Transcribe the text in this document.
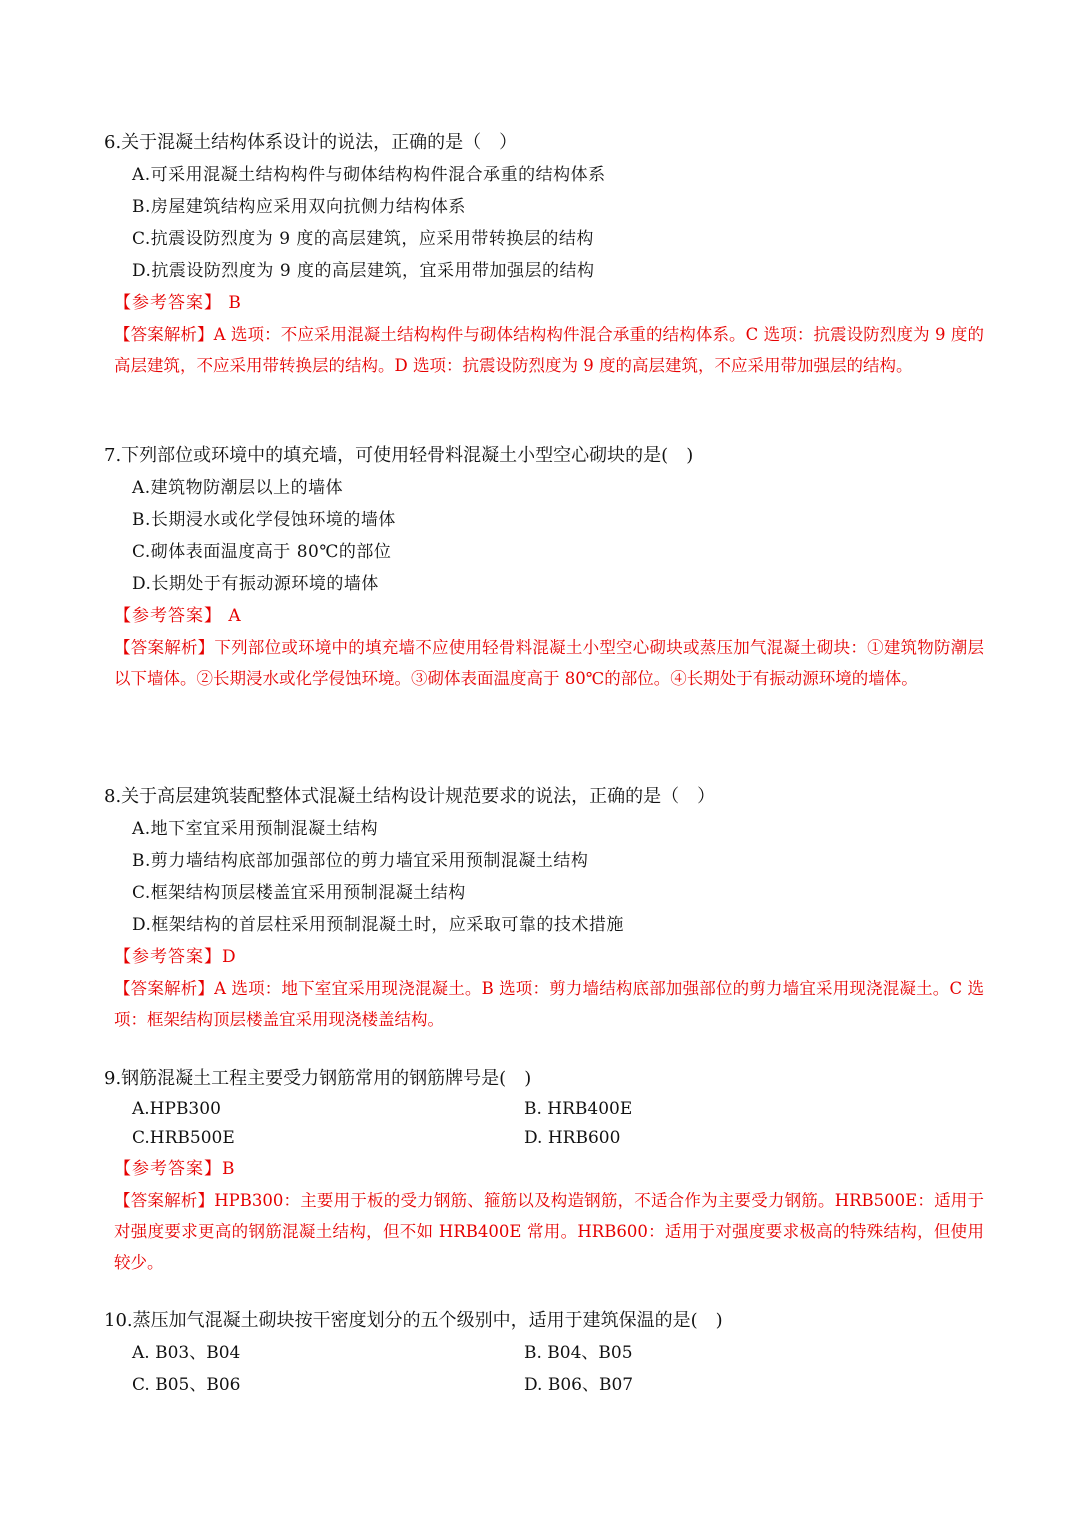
6.关于混凝土结构体系设计的说法，正确的是（　）
A.可采用混凝土结构构件与砌体结构构件混合承重的结构体系
B.房屋建筑结构应采用双向抗侧力结构体系
C.抗震设防烈度为 9 度的高层建筑，应采用带转换层的结构
D.抗震设防烈度为 9 度的高层建筑，宜采用带加强层的结构
【参考答案】 B
【答案解析】A 选项：不应采用混凝土结构构件与砌体结构构件混合承重的结构体系。C 选项：抗震设防烈度为 9 度的高层建筑，不应采用带转换层的结构。D 选项：抗震设防烈度为 9 度的高层建筑，不应采用带加强层的结构。
7.下列部位或环境中的填充墙，可使用轻骨料混凝土小型空心砌块的是(　)
A.建筑物防潮层以上的墙体
B.长期浸水或化学侵蚀环境的墙体
C.砌体表面温度高于 80℃的部位
D.长期处于有振动源环境的墙体
【参考答案】 A
【答案解析】下列部位或环境中的填充墙不应使用轻骨料混凝土小型空心砌块或蒸压加气混凝土砌块：①建筑物防潮层以下墙体。②长期浸水或化学侵蚀环境。③砌体表面温度高于 80℃的部位。④长期处于有振动源环境的墙体。
8.关于高层建筑装配整体式混凝土结构设计规范要求的说法，正确的是（　）
A.地下室宜采用预制混凝土结构
B.剪力墙结构底部加强部位的剪力墙宜采用预制混凝土结构
C.框架结构顶层楼盖宜采用预制混凝土结构
D.框架结构的首层柱采用预制混凝土时，应采取可靠的技术措施
【参考答案】D
【答案解析】A 选项：地下室宜采用现浇混凝土。B 选项：剪力墙结构底部加强部位的剪力墙宜采用现浇混凝土。C 选项：框架结构顶层楼盖宜采用现浇楼盖结构。
9.钢筋混凝土工程主要受力钢筋常用的钢筋牌号是(　)
A.HPB300	B. HRB400E
C.HRB500E	D. HRB600
【参考答案】B
【答案解析】HPB300：主要用于板的受力钢筋、箍筋以及构造钢筋，不适合作为主要受力钢筋。HRB500E：适用于对强度要求更高的钢筋混凝土结构，但不如 HRB400E 常用。HRB600：适用于对强度要求极高的特殊结构，但使用较少。
10.蒸压加气混凝土砌块按干密度划分的五个级别中，适用于建筑保温的是(　)
A. B03、B04	B. B04、B05
C. B05、B06	D. B06、B07
